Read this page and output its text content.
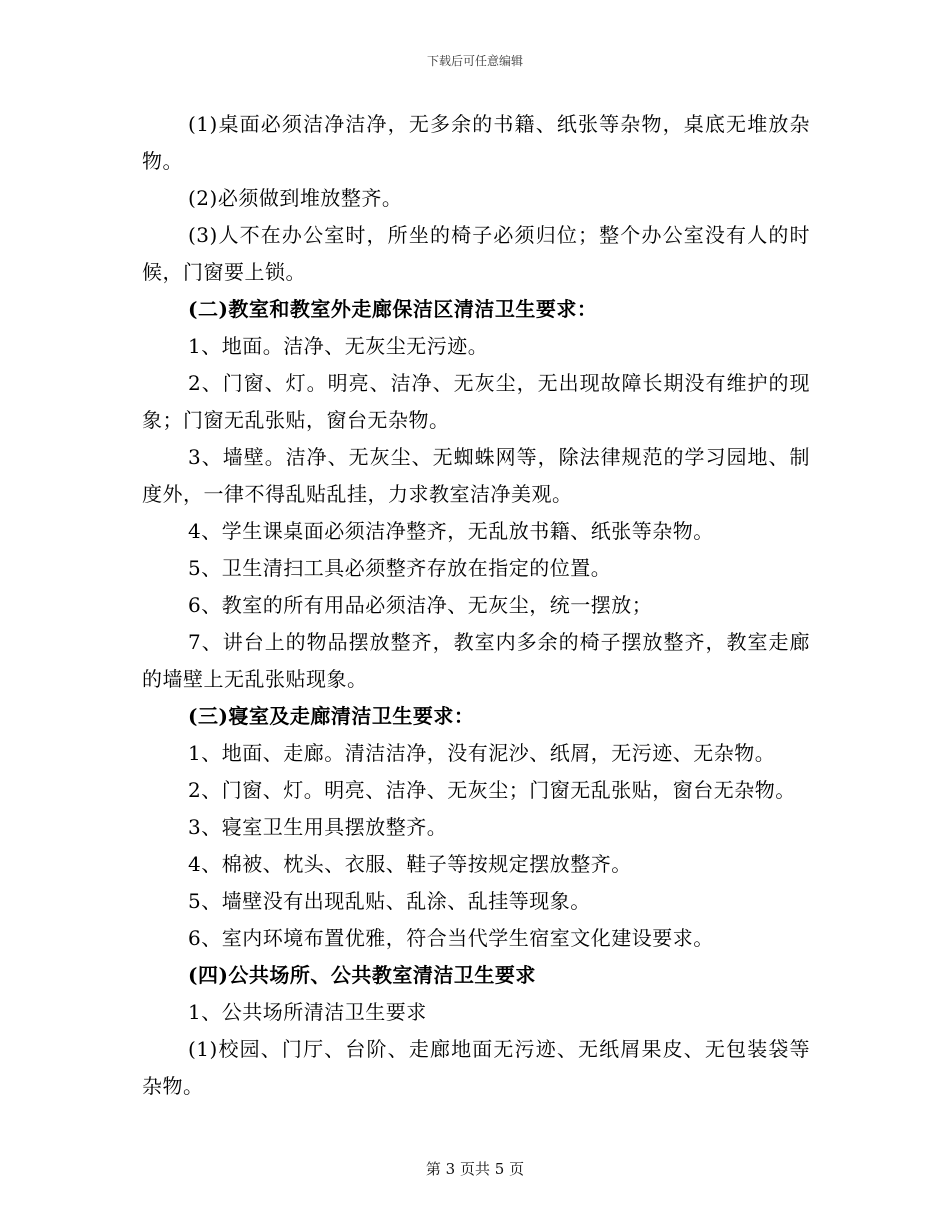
下载后可任意编辑

(1)桌面必须洁净洁净，无多余的书籍、纸张等杂物，桌底无堆放杂物。

(2)必须做到堆放整齐。

(3)人不在办公室时，所坐的椅子必须归位；整个办公室没有人的时候，门窗要上锁。

(二)教室和教室外走廊保洁区清洁卫生要求：

1、地面。洁净、无灰尘无污迹。

2、门窗、灯。明亮、洁净、无灰尘，无出现故障长期没有维护的现象；门窗无乱张贴，窗台无杂物。

3、墙壁。洁净、无灰尘、无蜘蛛网等，除法律规范的学习园地、制度外，一律不得乱贴乱挂，力求教室洁净美观。

4、学生课桌面必须洁净整齐，无乱放书籍、纸张等杂物。

5、卫生清扫工具必须整齐存放在指定的位置。

6、教室的所有用品必须洁净、无灰尘，统一摆放；

7、讲台上的物品摆放整齐，教室内多余的椅子摆放整齐，教室走廊的墙壁上无乱张贴现象。

(三)寝室及走廊清洁卫生要求：

1、地面、走廊。清洁洁净，没有泥沙、纸屑，无污迹、无杂物。

2、门窗、灯。明亮、洁净、无灰尘；门窗无乱张贴，窗台无杂物。

3、寝室卫生用具摆放整齐。

4、棉被、枕头、衣服、鞋子等按规定摆放整齐。

5、墙壁没有出现乱贴、乱涂、乱挂等现象。

6、室内环境布置优雅，符合当代学生宿室文化建设要求。

(四)公共场所、公共教室清洁卫生要求

1、公共场所清洁卫生要求

(1)校园、门厅、台阶、走廊地面无污迹、无纸屑果皮、无包装袋等杂物。

第 3 页共 5 页
